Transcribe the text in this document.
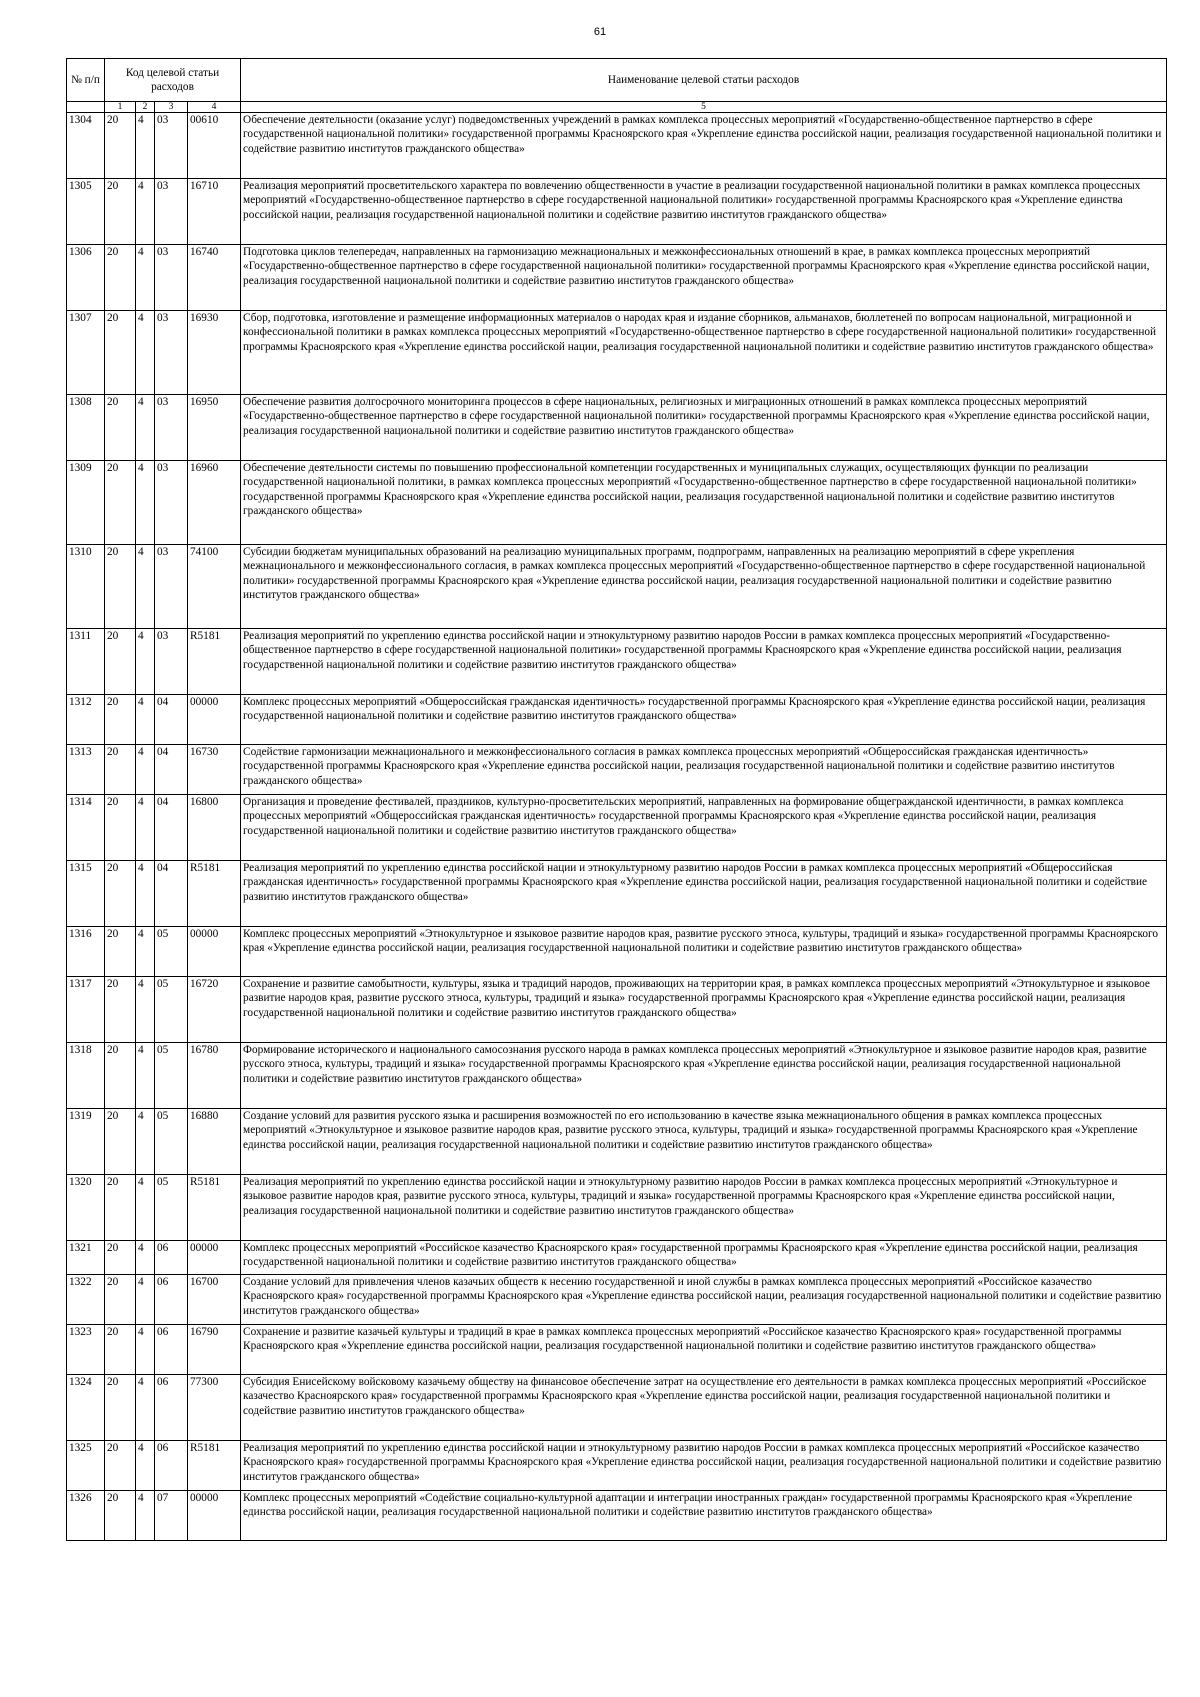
61
№ п/п	Код целевой статьи расходов				Наименование целевой статьи расходов
	1	2	3	4	5
1304	20	4	03	00610	Обеспечение деятельности (оказание услуг) подведомственных учреждений в рамках комплекса процессных мероприятий «Государственно-общественное партнерство в сфере государственной национальной политики» государственной программы Красноярского края «Укрепление единства российской нации, реализация государственной национальной политики и содействие развитию институтов гражданского общества»
1305	20	4	03	16710	Реализация мероприятий просветительского характера по вовлечению общественности в участие в реализации государственной национальной политики в рамках комплекса процессных мероприятий «Государственно-общественное партнерство в сфере государственной национальной политики» государственной программы Красноярского края «Укрепление единства российской нации, реализация государственной национальной политики и содействие развитию институтов гражданского общества»
1306	20	4	03	16740	Подготовка циклов телепередач, направленных на гармонизацию межнациональных и межконфессиональных отношений в крае, в рамках комплекса процессных мероприятий «Государственно-общественное партнерство в сфере государственной национальной политики» государственной программы Красноярского края «Укрепление единства российской нации, реализация государственной национальной политики и содействие развитию институтов гражданского общества»
1307	20	4	03	16930	Сбор, подготовка, изготовление и размещение информационных материалов о народах края и издание сборников, альманахов, бюллетеней по вопросам национальной, миграционной и конфессиональной политики в рамках комплекса процессных мероприятий «Государственно-общественное партнерство в сфере государственной национальной политики» государственной программы Красноярского края «Укрепление единства российской нации, реализация государственной национальной политики и содействие развитию институтов гражданского общества»
1308	20	4	03	16950	Обеспечение развития долгосрочного мониторинга процессов в сфере национальных, религиозных и миграционных отношений в рамках комплекса процессных мероприятий «Государственно-общественное партнерство в сфере государственной национальной политики» государственной программы Красноярского края «Укрепление единства российской нации, реализация государственной национальной политики и содействие развитию институтов гражданского общества»
1309	20	4	03	16960	Обеспечение деятельности системы по повышению профессиональной компетенции государственных и муниципальных служащих, осуществляющих функции по реализации государственной национальной политики, в рамках комплекса процессных мероприятий «Государственно-общественное партнерство в сфере государственной национальной политики» государственной программы Красноярского края «Укрепление единства российской нации, реализация государственной национальной политики и содействие развитию институтов гражданского общества»
1310	20	4	03	74100	Субсидии бюджетам муниципальных образований на реализацию муниципальных программ, подпрограмм, направленных на реализацию мероприятий в сфере укрепления межнационального и межконфессионального согласия, в рамках комплекса процессных мероприятий «Государственно-общественное партнерство в сфере государственной национальной политики» государственной программы Красноярского края «Укрепление единства российской нации, реализация государственной национальной политики и содействие развитию институтов гражданского общества»
1311	20	4	03	R5181	Реализация мероприятий по укреплению единства российской нации и этнокультурному развитию народов России в рамках комплекса процессных мероприятий «Государственно-общественное партнерство в сфере государственной национальной политики» государственной программы Красноярского края «Укрепление единства российской нации, реализация государственной национальной политики и содействие развитию институтов гражданского общества»
1312	20	4	04	00000	Комплекс процессных мероприятий «Общероссийская гражданская идентичность» государственной программы Красноярского края «Укрепление единства российской нации, реализация государственной национальной политики и содействие развитию институтов гражданского общества»
1313	20	4	04	16730	Содействие гармонизации межнационального и межконфессионального согласия в рамках комплекса процессных мероприятий «Общероссийская гражданская идентичность» государственной программы Красноярского края «Укрепление единства российской нации, реализация государственной национальной политики и содействие развитию институтов гражданского общества»
1314	20	4	04	16800	Организация и проведение фестивалей, праздников, культурно-просветительских мероприятий, направленных на формирование общегражданской идентичности, в рамках комплекса процессных мероприятий «Общероссийская гражданская идентичность» государственной программы Красноярского края «Укрепление единства российской нации, реализация государственной национальной политики и содействие развитию институтов гражданского общества»
1315	20	4	04	R5181	Реализация мероприятий по укреплению единства российской нации и этнокультурному развитию народов России в рамках комплекса процессных мероприятий «Общероссийская гражданская идентичность» государственной программы Красноярского края «Укрепление единства российской нации, реализация государственной национальной политики и содействие развитию институтов гражданского общества»
1316	20	4	05	00000	Комплекс процессных мероприятий «Этнокультурное и языковое развитие народов края, развитие русского этноса, культуры, традиций и языка» государственной программы Красноярского края «Укрепление единства российской нации, реализация государственной национальной политики и содействие развитию институтов гражданского общества»
1317	20	4	05	16720	Сохранение и развитие самобытности, культуры, языка и традиций народов, проживающих на территории края, в рамках комплекса процессных мероприятий «Этнокультурное и языковое развитие народов края, развитие русского этноса, культуры, традиций и языка» государственной программы Красноярского края «Укрепление единства российской нации, реализация государственной национальной политики и содействие развитию институтов гражданского общества»
1318	20	4	05	16780	Формирование исторического и национального самосознания русского народа в рамках комплекса процессных мероприятий «Этнокультурное и языковое развитие народов края, развитие русского этноса, культуры, традиций и языка» государственной программы Красноярского края «Укрепление единства российской нации, реализация государственной национальной политики и содействие развитию институтов гражданского общества»
1319	20	4	05	16880	Создание условий для развития русского языка и расширения возможностей по его использованию в качестве языка межнационального общения в рамках комплекса процессных мероприятий «Этнокультурное и языковое развитие народов края, развитие русского этноса, культуры, традиций и языка» государственной программы Красноярского края «Укрепление единства российской нации, реализация государственной национальной политики и содействие развитию институтов гражданского общества»
1320	20	4	05	R5181	Реализация мероприятий по укреплению единства российской нации и этнокультурному развитию народов России в рамках комплекса процессных мероприятий «Этнокультурное и языковое развитие народов края, развитие русского этноса, культуры, традиций и языка» государственной программы Красноярского края «Укрепление единства российской нации, реализация государственной национальной политики и содействие развитию институтов гражданского общества»
1321	20	4	06	00000	Комплекс процессных мероприятий «Российское казачество Красноярского края» государственной программы Красноярского края «Укрепление единства российской нации, реализация государственной национальной политики и содействие развитию институтов гражданского общества»
1322	20	4	06	16700	Создание условий для привлечения членов казачьих обществ к несению государственной и иной службы в рамках комплекса процессных мероприятий «Российское казачество Красноярского края» государственной программы Красноярского края «Укрепление единства российской нации, реализация государственной национальной политики и содействие развитию институтов гражданского общества»
1323	20	4	06	16790	Сохранение и развитие казачьей культуры и традиций в крае в рамках комплекса процессных мероприятий «Российское казачество Красноярского края» государственной программы Красноярского края «Укрепление единства российской нации, реализация государственной национальной политики и содействие развитию институтов гражданского общества»
1324	20	4	06	77300	Субсидия Енисейскому войсковому казачьему обществу на финансовое обеспечение затрат на осуществление его деятельности в рамках комплекса процессных мероприятий «Российское казачество Красноярского края» государственной программы Красноярского края «Укрепление единства российской нации, реализация государственной национальной политики и содействие развитию институтов гражданского общества»
1325	20	4	06	R5181	Реализация мероприятий по укреплению единства российской нации и этнокультурному развитию народов России в рамках комплекса процессных мероприятий «Российское казачество Красноярского края» государственной программы Красноярского края «Укрепление единства российской нации, реализация государственной национальной политики и содействие развитию институтов гражданского общества»
1326	20	4	07	00000	Комплекс процессных мероприятий «Содействие социально-культурной адаптации и интеграции иностранных граждан» государственной программы Красноярского края «Укрепление единства российской нации, реализация государственной национальной политики и содействие развитию институтов гражданского общества»
